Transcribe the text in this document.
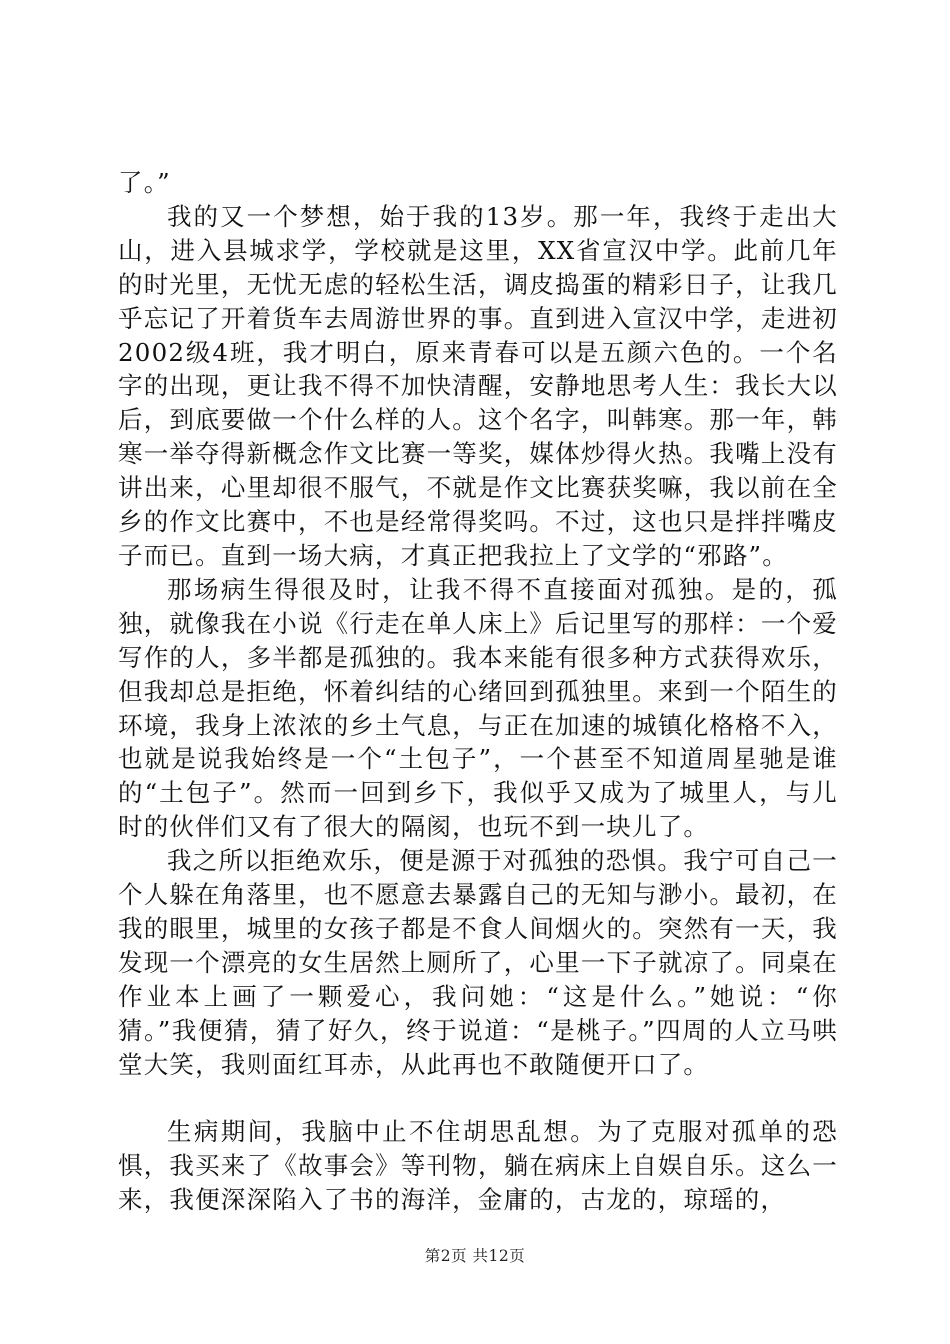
了。”

我的又一个梦想，始于我的13岁。那一年，我终于走出大山，进入县城求学，学校就是这里，XX省宣汉中学。此前几年的时光里，无忧无虑的轻松生活，调皮捣蛋的精彩日子，让我几乎忘记了开着货车去周游世界的事。直到进入宣汉中学，走进初2002级4班，我才明白，原来青春可以是五颜六色的。一个名字的出现，更让我不得不加快清醒，安静地思考人生：我长大以后，到底要做一个什么样的人。这个名字，叫韩寒。那一年，韩寒一举夺得新概念作文比赛一等奖，媒体炒得火热。我嘴上没有讲出来，心里却很不服气，不就是作文比赛获奖嘛，我以前在全乡的作文比赛中，不也是经常得奖吗。不过，这也只是拌拌嘴皮子而已。直到一场大病，才真正把我拉上了文学的“邪路”。

那场病生得很及时，让我不得不直接面对孤独。是的，孤独，就像我在小说《行走在单人床上》后记里写的那样：一个爱写作的人，多半都是孤独的。我本来能有很多种方式获得欢乐，但我却总是拒绝，怀着纠结的心绪回到孤独里。来到一个陌生的环境，我身上浓浓的乡土气息，与正在加速的城镇化格格不入，也就是说我始终是一个“土包子”，一个甚至不知道周星驰是谁的“土包子”。然而一回到乡下，我似乎又成为了城里人，与儿时的伙伴们又有了很大的隔阂，也玩不到一块儿了。

我之所以拒绝欢乐，便是源于对孤独的恐惧。我宁可自己一个人躲在角落里，也不愿意去暴露自己的无知与渺小。最初，在我的眼里，城里的女孩子都是不食人间烟火的。突然有一天，我发现一个漂亮的女生居然上厕所了，心里一下子就凉了。同桌在作业本上画了一颗爱心，我问她：“这是什么。”她说：“你猜。”我便猜，猜了好久，终于说道：“是桃子。”四周的人立马哄堂大笑，我则面红耳赤，从此再也不敢随便开口了。

生病期间，我脑中止不住胡思乱想。为了克服对孤单的恐惧，我买来了《故事会》等刊物，躺在病床上自娱自乐。这么一来，我便深深陷入了书的海洋，金庸的，古龙的，琼瑶的，

第2页 共12页
